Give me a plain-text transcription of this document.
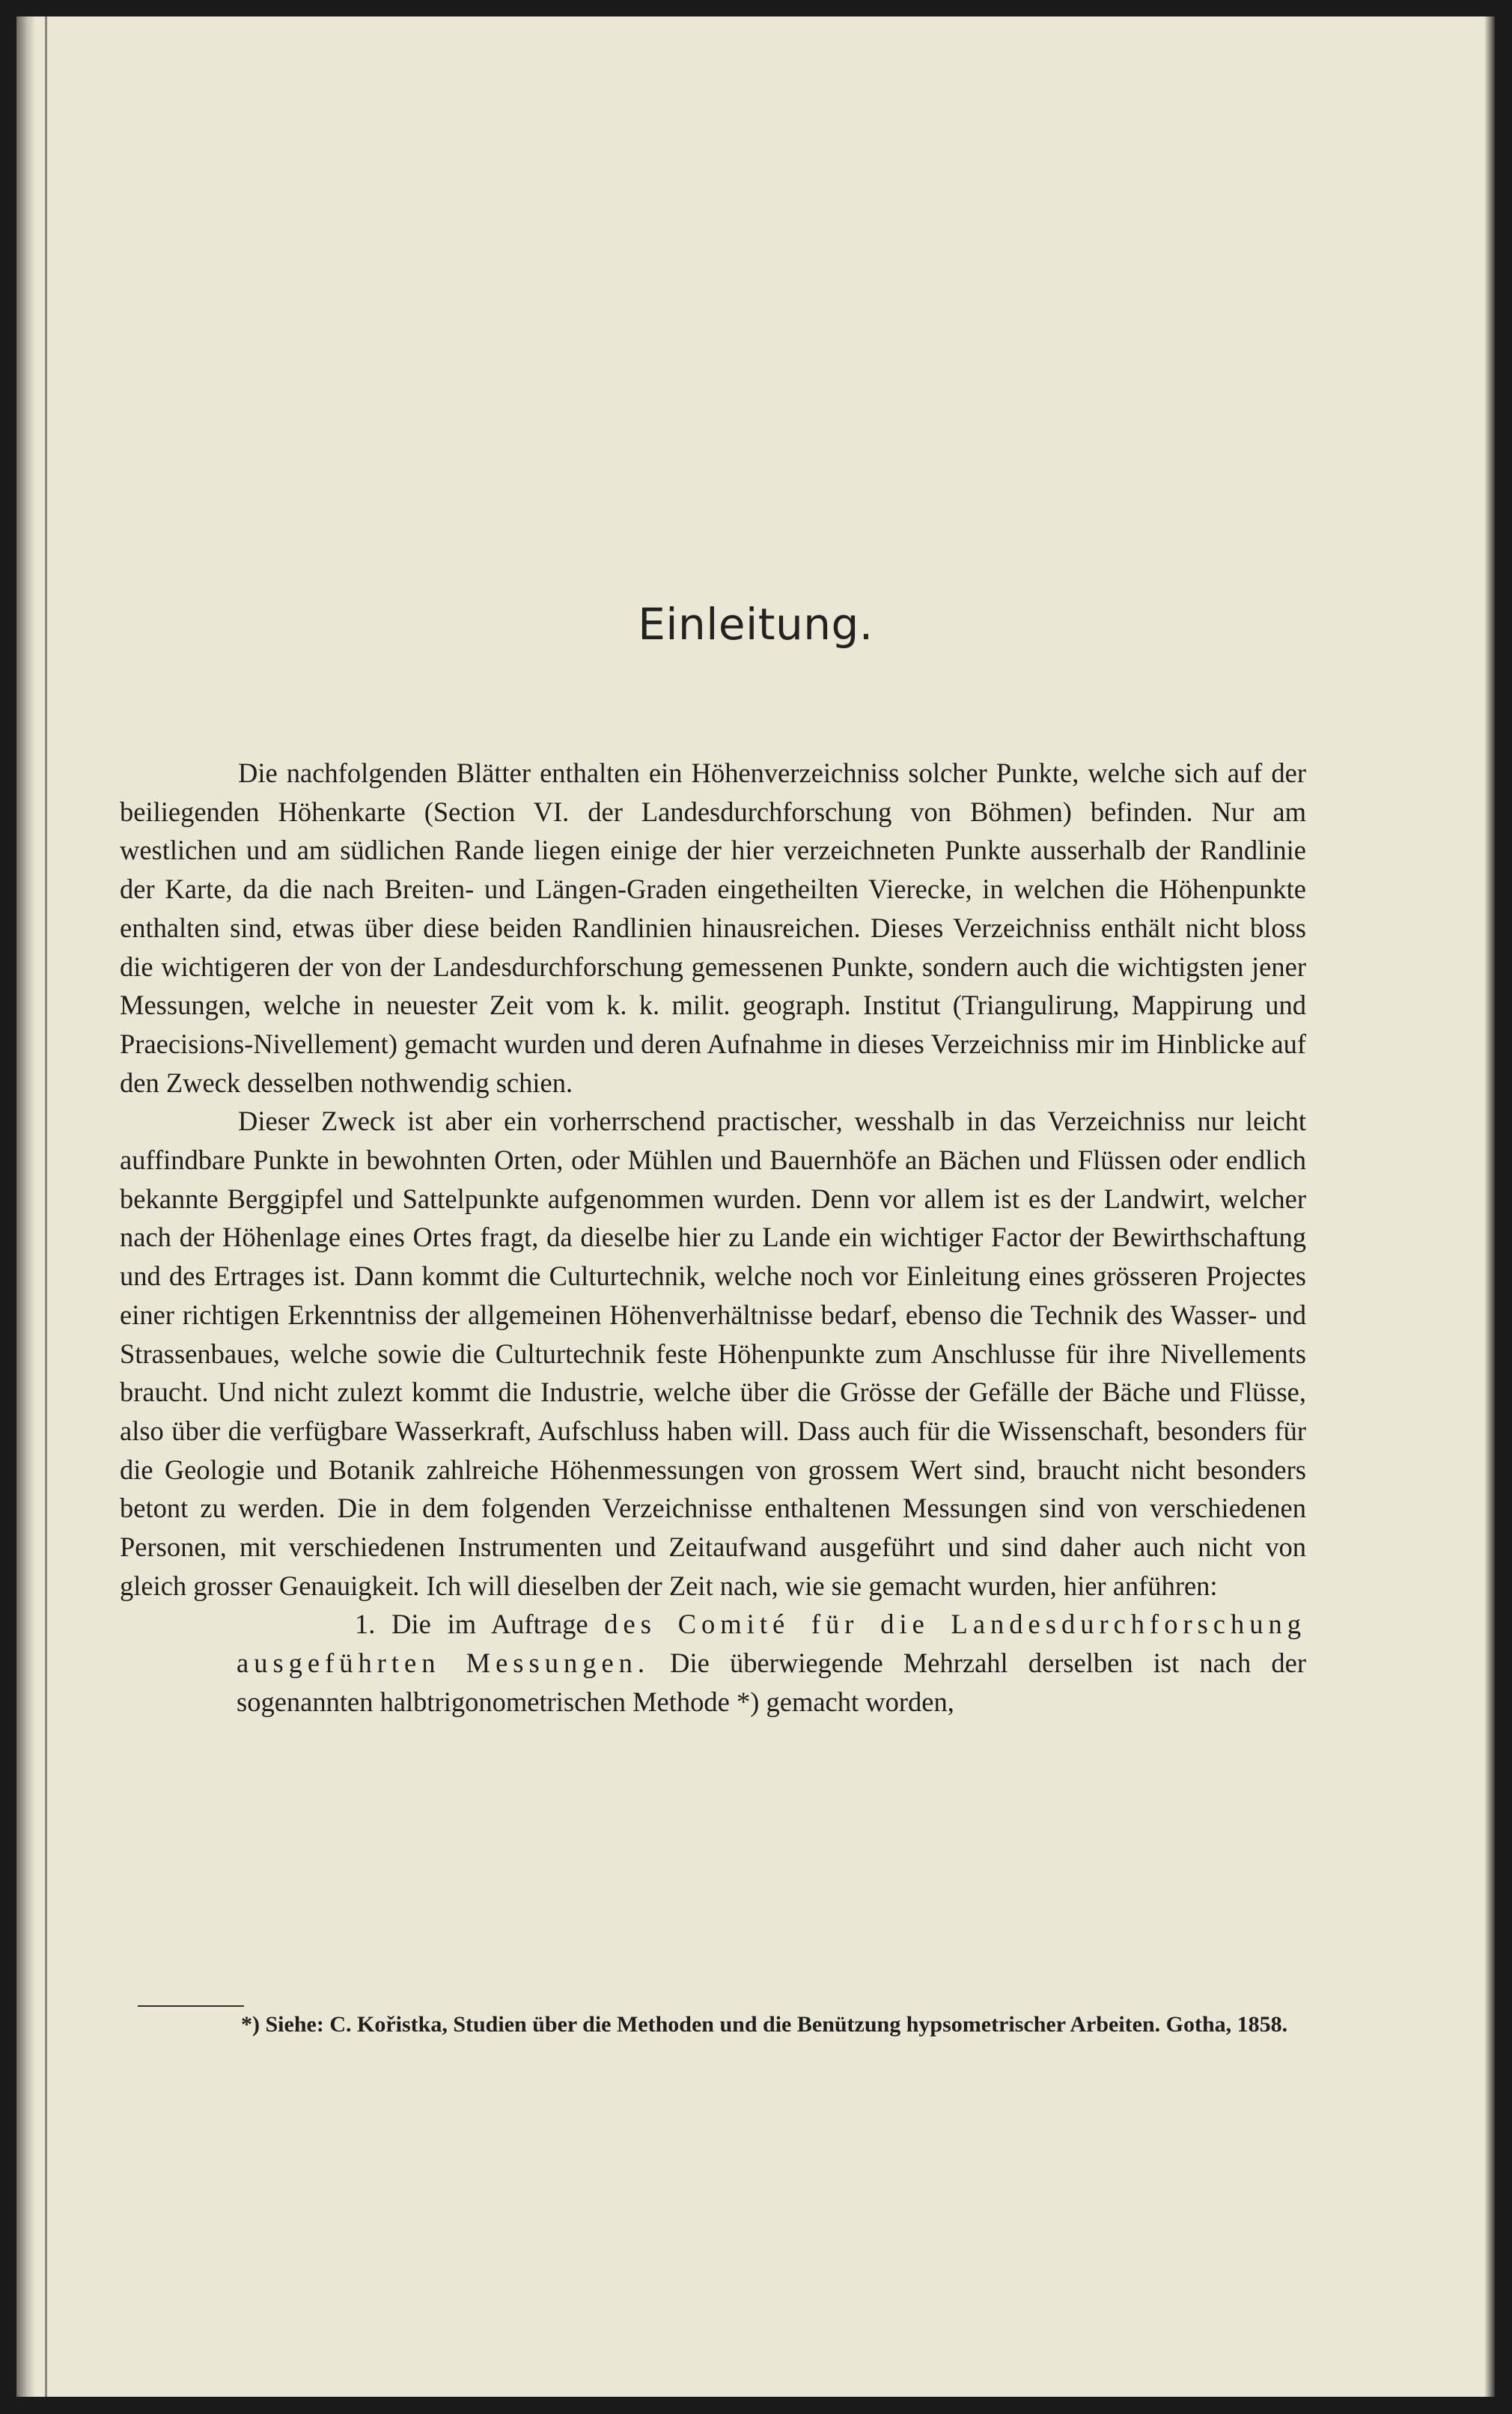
Einleitung.

Die nachfolgenden Blätter enthalten ein Höhenverzeichniss solcher Punkte, welche sich auf der beiliegenden Höhenkarte (Section VI. der Landesdurchforschung von Böhmen) befinden. Nur am westlichen und am südlichen Rande liegen einige der hier verzeichneten Punkte ausserhalb der Randlinie der Karte, da die nach Breiten- und Längen-Graden eingetheilten Vierecke, in welchen die Höhenpunkte enthalten sind, etwas über diese beiden Randlinien hinausreichen. Dieses Verzeichniss enthält nicht bloss die wichtigeren der von der Landesdurchforschung gemessenen Punkte, sondern auch die wichtigsten jener Messungen, welche in neuester Zeit vom k. k. milit. geograph. Institut (Triangulirung, Mappirung und Praecisions-Nivellement) gemacht wurden und deren Aufnahme in dieses Verzeichniss mir im Hinblicke auf den Zweck desselben nothwendig schien.

Dieser Zweck ist aber ein vorherrschend practischer, wesshalb in das Verzeichniss nur leicht auffindbare Punkte in bewohnten Orten, oder Mühlen und Bauernhöfe an Bächen und Flüssen oder endlich bekannte Berggipfel und Sattelpunkte aufgenommen wurden. Denn vor allem ist es der Landwirt, welcher nach der Höhenlage eines Ortes fragt, da dieselbe hier zu Lande ein wichtiger Factor der Bewirthschaftung und des Ertrages ist. Dann kommt die Culturtechnik, welche noch vor Einleitung eines grösseren Projectes einer richtigen Erkenntniss der allgemeinen Höhenverhältnisse bedarf, ebenso die Technik des Wasser- und Strassenbaues, welche sowie die Culturtechnik feste Höhenpunkte zum Anschlusse für ihre Nivellements braucht. Und nicht zulezt kommt die Industrie, welche über die Grösse der Gefälle der Bäche und Flüsse, also über die verfügbare Wasserkraft, Aufschluss haben will. Dass auch für die Wissenschaft, besonders für die Geologie und Botanik zahlreiche Höhenmessungen von grossem Wert sind, braucht nicht besonders betont zu werden. Die in dem folgenden Verzeichnisse enthaltenen Messungen sind von verschiedenen Personen, mit verschiedenen Instrumenten und Zeitaufwand ausgeführt und sind daher auch nicht von gleich grosser Genauigkeit. Ich will dieselben der Zeit nach, wie sie gemacht wurden, hier anführen:

1. Die im Auftrage des Comité für die Landesdurchforschung ausgeführten Messungen. Die überwiegende Mehrzahl derselben ist nach der sogenannten halbtrigonometrischen Methode *) gemacht worden,

*) Siehe: C. Kořistka, Studien über die Methoden und die Benützung hypsometrischer Arbeiten. Gotha, 1858.
